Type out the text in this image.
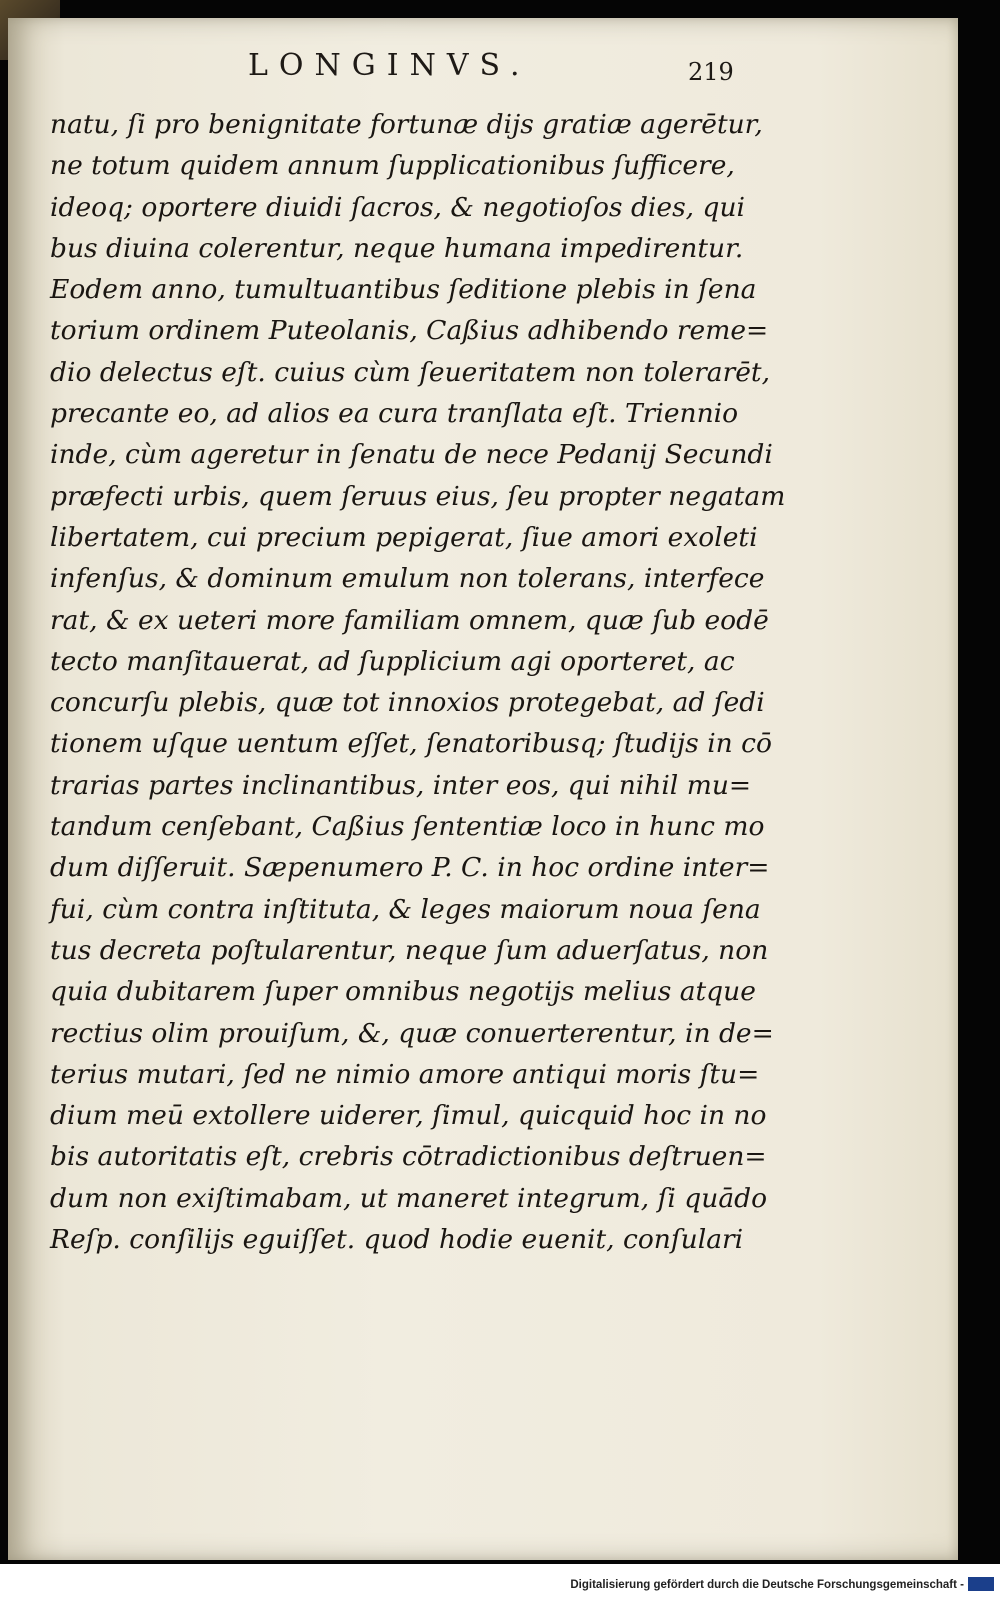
LONGINVS.	219
natu, ſi pro benignitate fortunæ dijs gratiæ agerētur,
ne totum quidem annum ſupplicationibus ſufficere,
ideoq; oportere diuidi ſacros, & negotioſos dies, qui
bus diuina colerentur, neque humana impedirentur.
Eodem anno, tumultuantibus ſeditione plebis in ſena
torium ordinem Puteolanis, Caßius adhibendo reme=
dio delectus eſt. cuius cùm ſeueritatem non tolerarēt,
precante eo, ad alios ea cura tranſlata eſt. Triennio
inde, cùm ageretur in ſenatu de nece Pedanij Secundi
præfecti urbis, quem ſeruus eius, ſeu propter negatam
libertatem, cui precium pepigerat, ſiue amori exoleti
infenſus, & dominum emulum non tolerans, interfece
rat, & ex ueteri more familiam omnem, quæ ſub eodē
tecto manſitauerat, ad ſupplicium agi oporteret, ac
concurſu plebis, quæ tot innoxios protegebat, ad ſedi
tionem uſque uentum eſſet, ſenatoribusq; ſtudijs in cō
trarias partes inclinantibus, inter eos, qui nihil mu=
tandum cenſebant, Caßius ſententiæ loco in hunc mo
dum diſſeruit. Sæpenumero P. C. in hoc ordine inter=
fui, cùm contra inſtituta, & leges maiorum noua ſena
tus decreta poſtularentur, neque ſum aduerſatus, non
quia dubitarem ſuper omnibus negotijs melius atque
rectius olim prouiſum, &, quæ conuerterentur, in de=
terius mutari, ſed ne nimio amore antiqui moris ſtu=
dium meū extollere uiderer, ſimul, quicquid hoc in no
bis autoritatis eſt, crebris cōtradictionibus deſtruen=
dum non exiſtimabam, ut maneret integrum, ſi quādo
Reſp. conſilijs eguiſſet. quod hodie euenit, conſulari
Digitalisierung gefördert durch die Deutsche Forschungsgemeinschaft -
